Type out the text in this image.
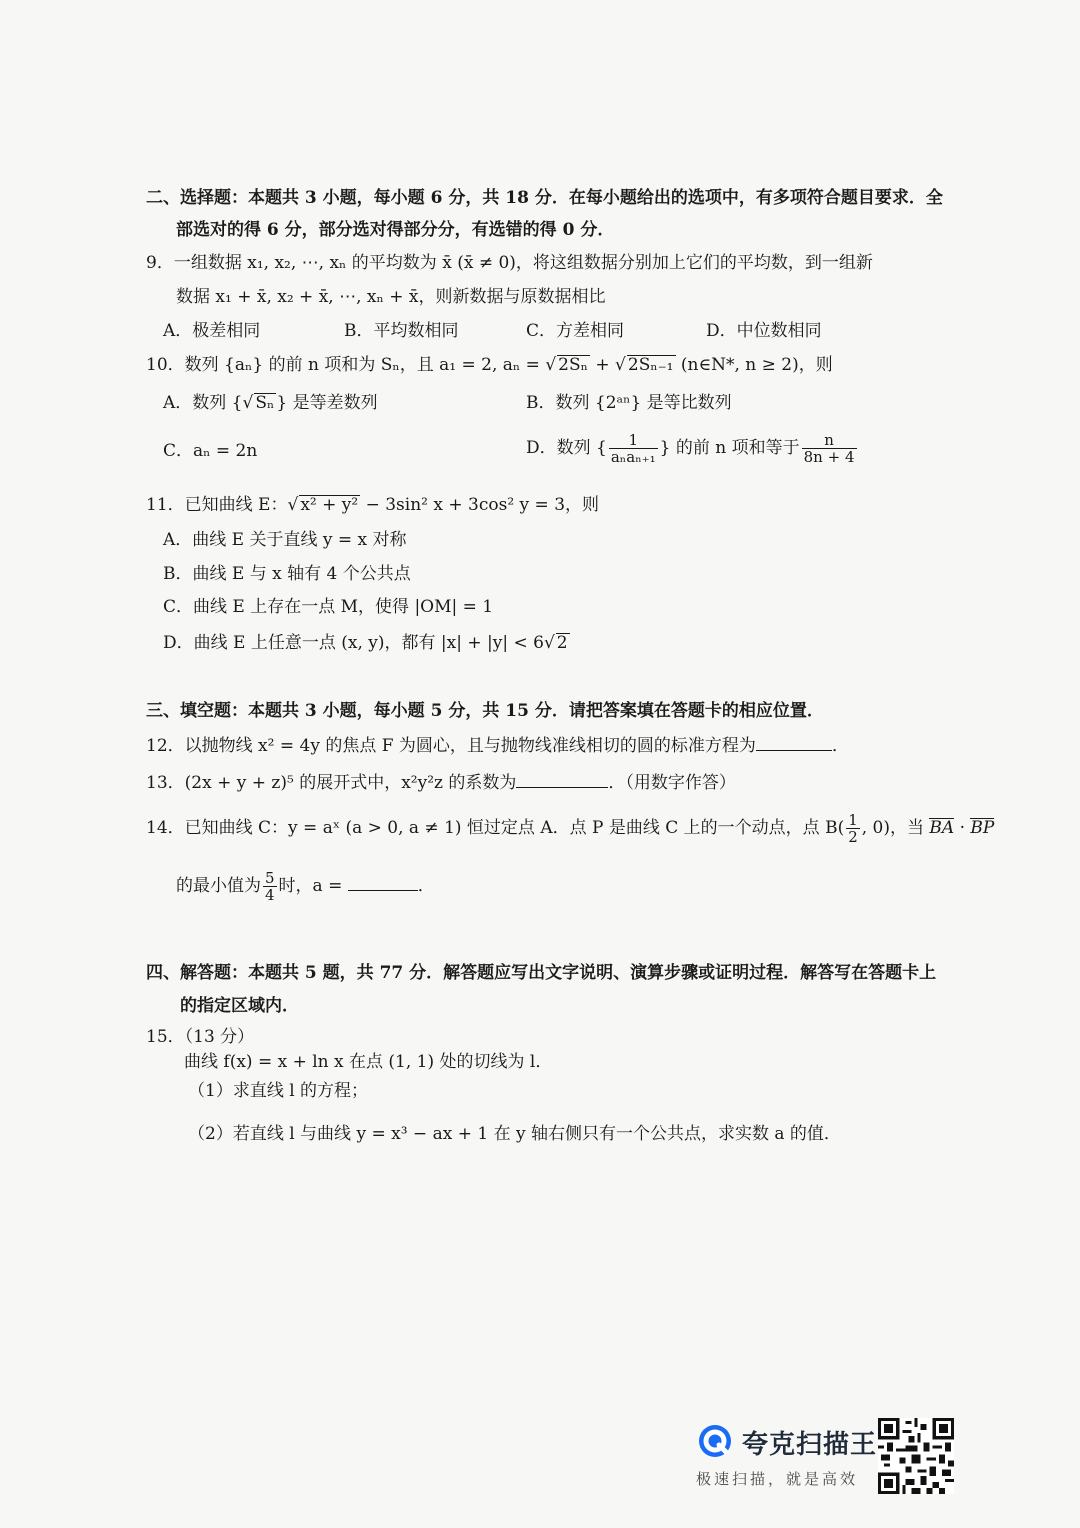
二、选择题：本题共 3 小题，每小题 6 分，共 18 分．在每小题给出的选项中，有多项符合题目要求．全
部选对的得 6 分，部分选对得部分分，有选错的得 0 分．
9．一组数据 x₁, x₂, ⋯, xₙ 的平均数为 x̄ (x̄ ≠ 0)，将这组数据分别加上它们的平均数，到一组新
数据 x₁ + x̄, x₂ + x̄, ⋯, xₙ + x̄，则新数据与原数据相比
A．极差相同	B．平均数相同	C．方差相同	D．中位数相同
10．数列 {aₙ} 的前 n 项和为 Sₙ，且 a₁ = 2, aₙ = √ 2Sₙ + √ 2Sₙ₋₁ (n∈N*, n ≥ 2)，则
A．数列 {√ Sₙ } 是等差数列	B．数列 {2ᵃⁿ} 是等比数列
C．aₙ = 2n	D．数列 { $\frac{1}{\text{aₙaₙ₊₁}}$ } 的前 n 项和等于 $\frac{n}{8n + 4}$
11．已知曲线 E：√ x² + y² − 3sin² x + 3cos² y = 3，则
A．曲线 E 关于直线 y = x 对称
B．曲线 E 与 x 轴有 4 个公共点
C．曲线 E 上存在一点 M，使得 |OM| = 1
D．曲线 E 上任意一点 (x, y)，都有 |x| + |y| < 6√ 2
三、填空题：本题共 3 小题，每小题 5 分，共 15 分．请把答案填在答题卡的相应位置．
12．以抛物线 x² = 4y 的焦点 F 为圆心，且与抛物线准线相切的圆的标准方程为	．
13．(2x + y + z)⁵ 的展开式中，x²y²z 的系数为	．（用数字作答）
14．已知曲线 C：y = aˣ (a > 0, a ≠ 1) 恒过定点 A．点 P 是曲线 C 上的一个动点，点 $B( \frac{1}{2}$ , 0)，当 BA · BP
的最小值为 $\frac{5}{4}$ 时，a =	．
四、解答题：本题共 5 题，共 77 分．解答题应写出文字说明、演算步骤或证明过程．解答写在答题卡上
的指定区域内．
15．（13 分）
曲线 f(x) = x + ln x 在点 (1, 1) 处的切线为 l．
（1）求直线 l 的方程；
（2）若直线 l 与曲线 y = x³ − ax + 1 在 y 轴右侧只有一个公共点，求实数 a 的值．
夸克扫描王
极速扫描，就是高效
